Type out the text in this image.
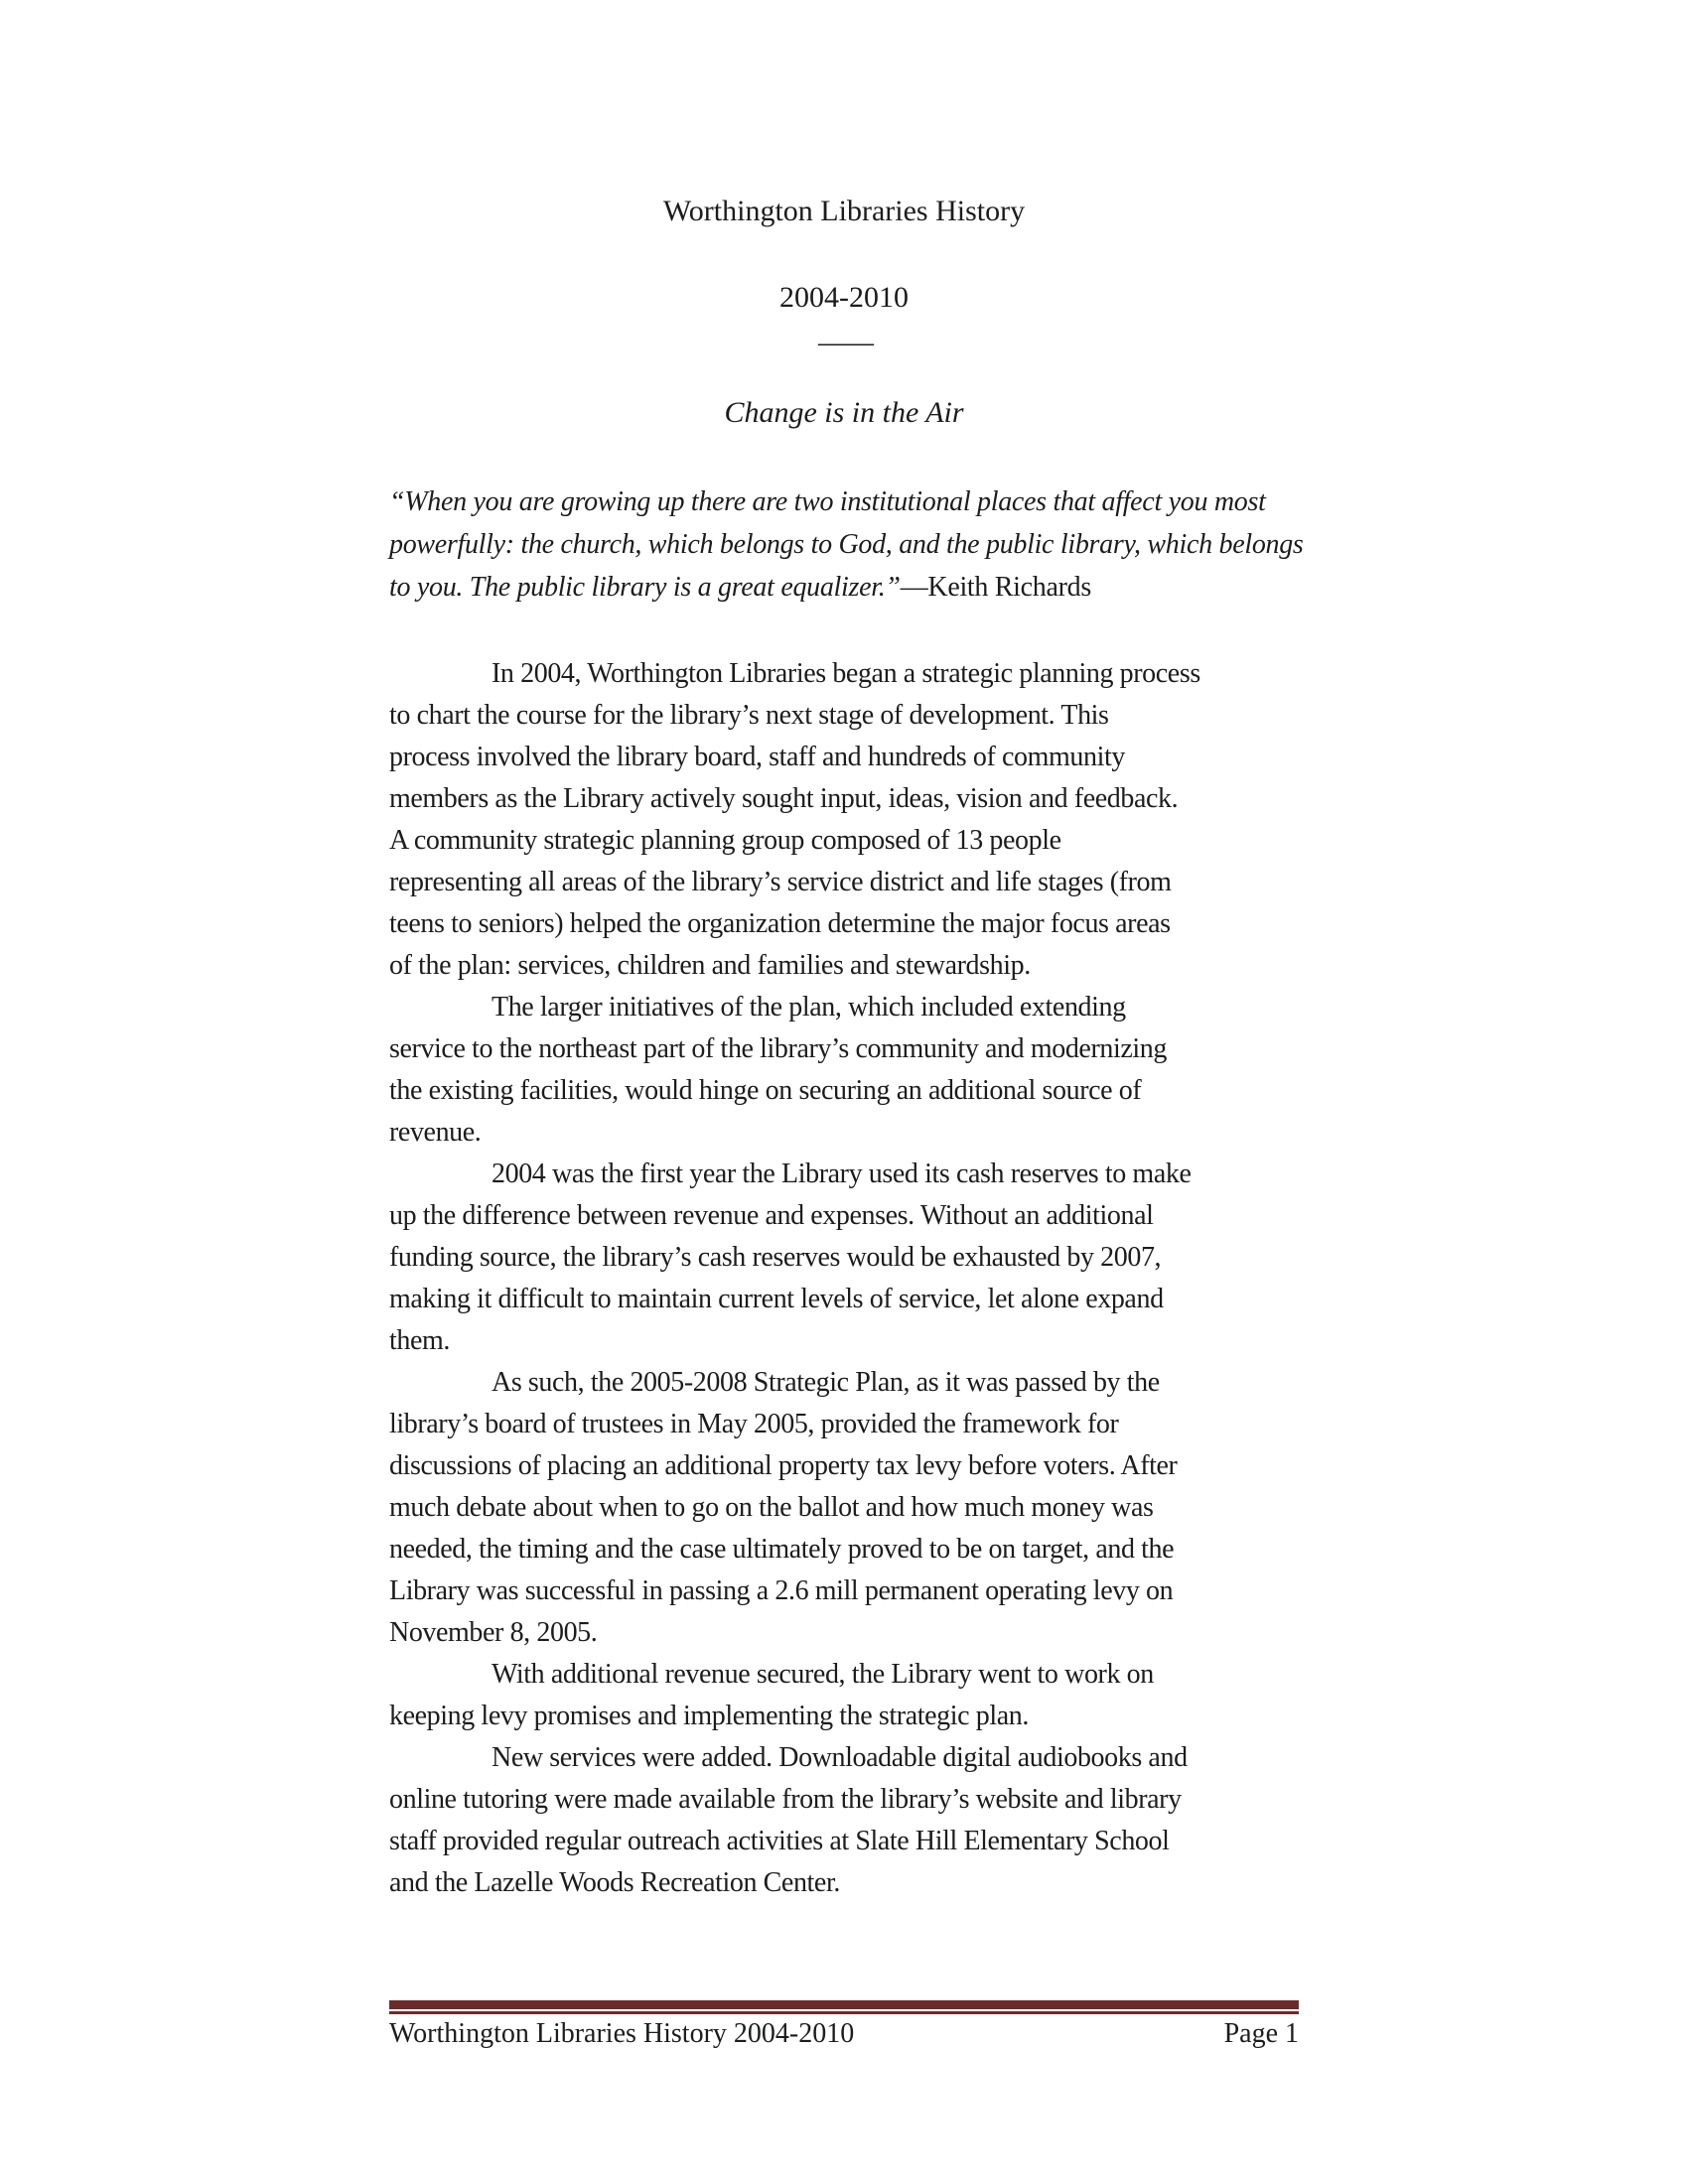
Worthington Libraries History
2004-2010
——
Change is in the Air
“When you are growing up there are two institutional places that affect you most
powerfully: the church, which belongs to God, and the public library, which belongs
to you. The public library is a great equalizer.”—Keith Richards
In 2004, Worthington Libraries began a strategic planning process
to chart the course for the library’s next stage of development. This
process involved the library board, staff and hundreds of community
members as the Library actively sought input, ideas, vision and feedback.
A community strategic planning group composed of 13 people
representing all areas of the library’s service district and life stages (from
teens to seniors) helped the organization determine the major focus areas
of the plan: services, children and families and stewardship.
The larger initiatives of the plan, which included extending
service to the northeast part of the library’s community and modernizing
the existing facilities, would hinge on securing an additional source of
revenue.
2004 was the first year the Library used its cash reserves to make
up the difference between revenue and expenses. Without an additional
funding source, the library’s cash reserves would be exhausted by 2007,
making it difficult to maintain current levels of service, let alone expand
them.
As such, the 2005-2008 Strategic Plan, as it was passed by the
library’s board of trustees in May 2005, provided the framework for
discussions of placing an additional property tax levy before voters. After
much debate about when to go on the ballot and how much money was
needed, the timing and the case ultimately proved to be on target, and the
Library was successful in passing a 2.6 mill permanent operating levy on
November 8, 2005.
With additional revenue secured, the Library went to work on
keeping levy promises and implementing the strategic plan.
New services were added. Downloadable digital audiobooks and
online tutoring were made available from the library’s website and library
staff provided regular outreach activities at Slate Hill Elementary School
and the Lazelle Woods Recreation Center.
Worthington Libraries History 2004-2010	Page 1
